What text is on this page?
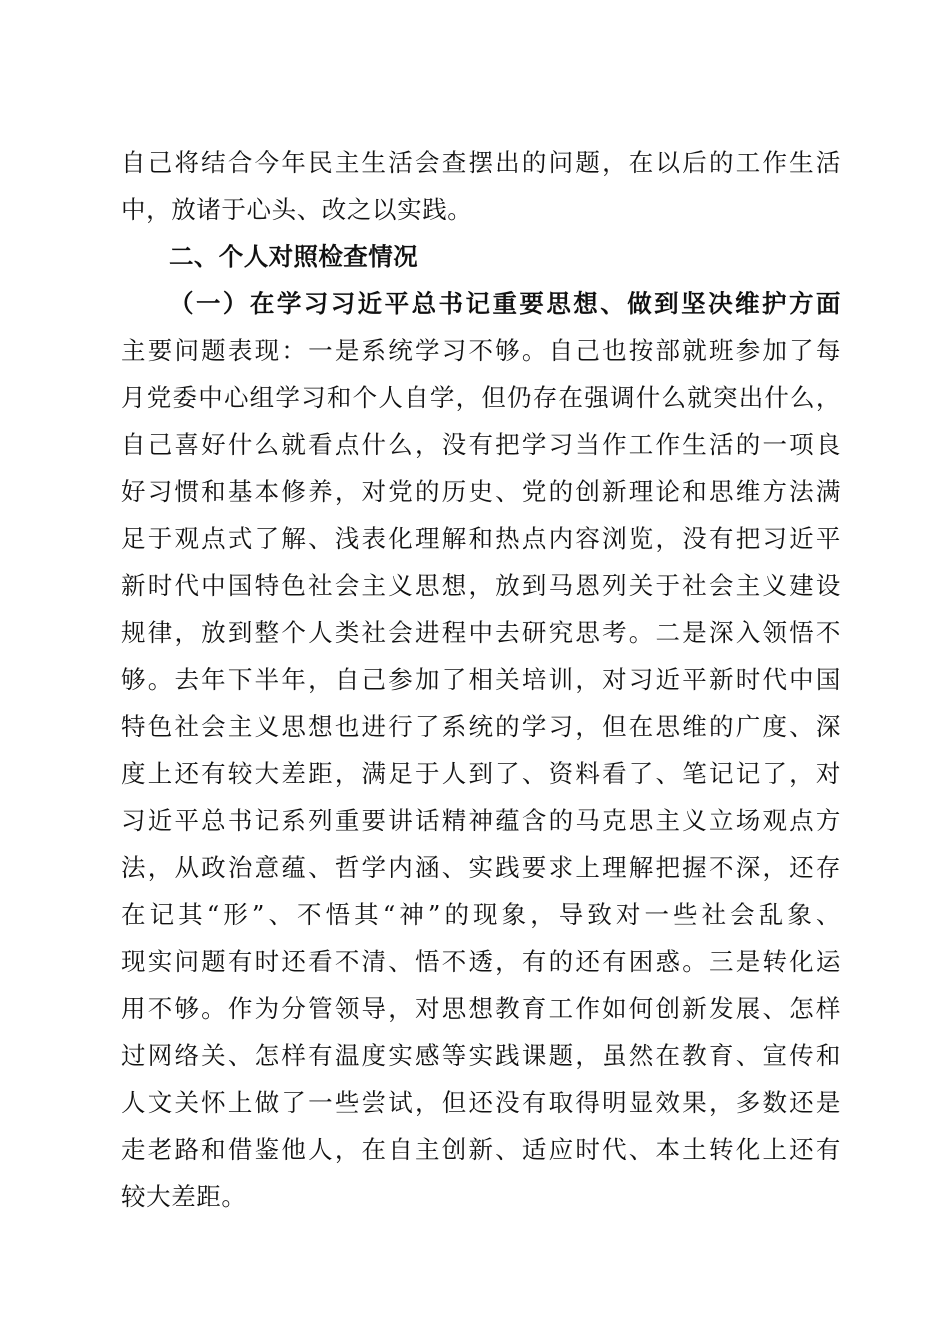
自己将结合今年民主生活会查摆出的问题，在以后的工作生活
中，放诸于心头、改之以实践。
二、个人对照检查情况
（一）在学习习近平总书记重要思想、做到坚决维护方面
主要问题表现：一是系统学习不够。自己也按部就班参加了每
月党委中心组学习和个人自学，但仍存在强调什么就突出什么，
自己喜好什么就看点什么，没有把学习当作工作生活的一项良
好习惯和基本修养，对党的历史、党的创新理论和思维方法满
足于观点式了解、浅表化理解和热点内容浏览，没有把习近平
新时代中国特色社会主义思想，放到马恩列关于社会主义建设
规律，放到整个人类社会进程中去研究思考。二是深入领悟不
够。去年下半年，自己参加了相关培训，对习近平新时代中国
特色社会主义思想也进行了系统的学习，但在思维的广度、深
度上还有较大差距，满足于人到了、资料看了、笔记记了，对
习近平总书记系列重要讲话精神蕴含的马克思主义立场观点方
法，从政治意蕴、哲学内涵、实践要求上理解把握不深，还存
在记其“形”、不悟其“神”的现象，导致对一些社会乱象、
现实问题有时还看不清、悟不透，有的还有困惑。三是转化运
用不够。作为分管领导，对思想教育工作如何创新发展、怎样
过网络关、怎样有温度实感等实践课题，虽然在教育、宣传和
人文关怀上做了一些尝试，但还没有取得明显效果，多数还是
走老路和借鉴他人，在自主创新、适应时代、本土转化上还有
较大差距。
